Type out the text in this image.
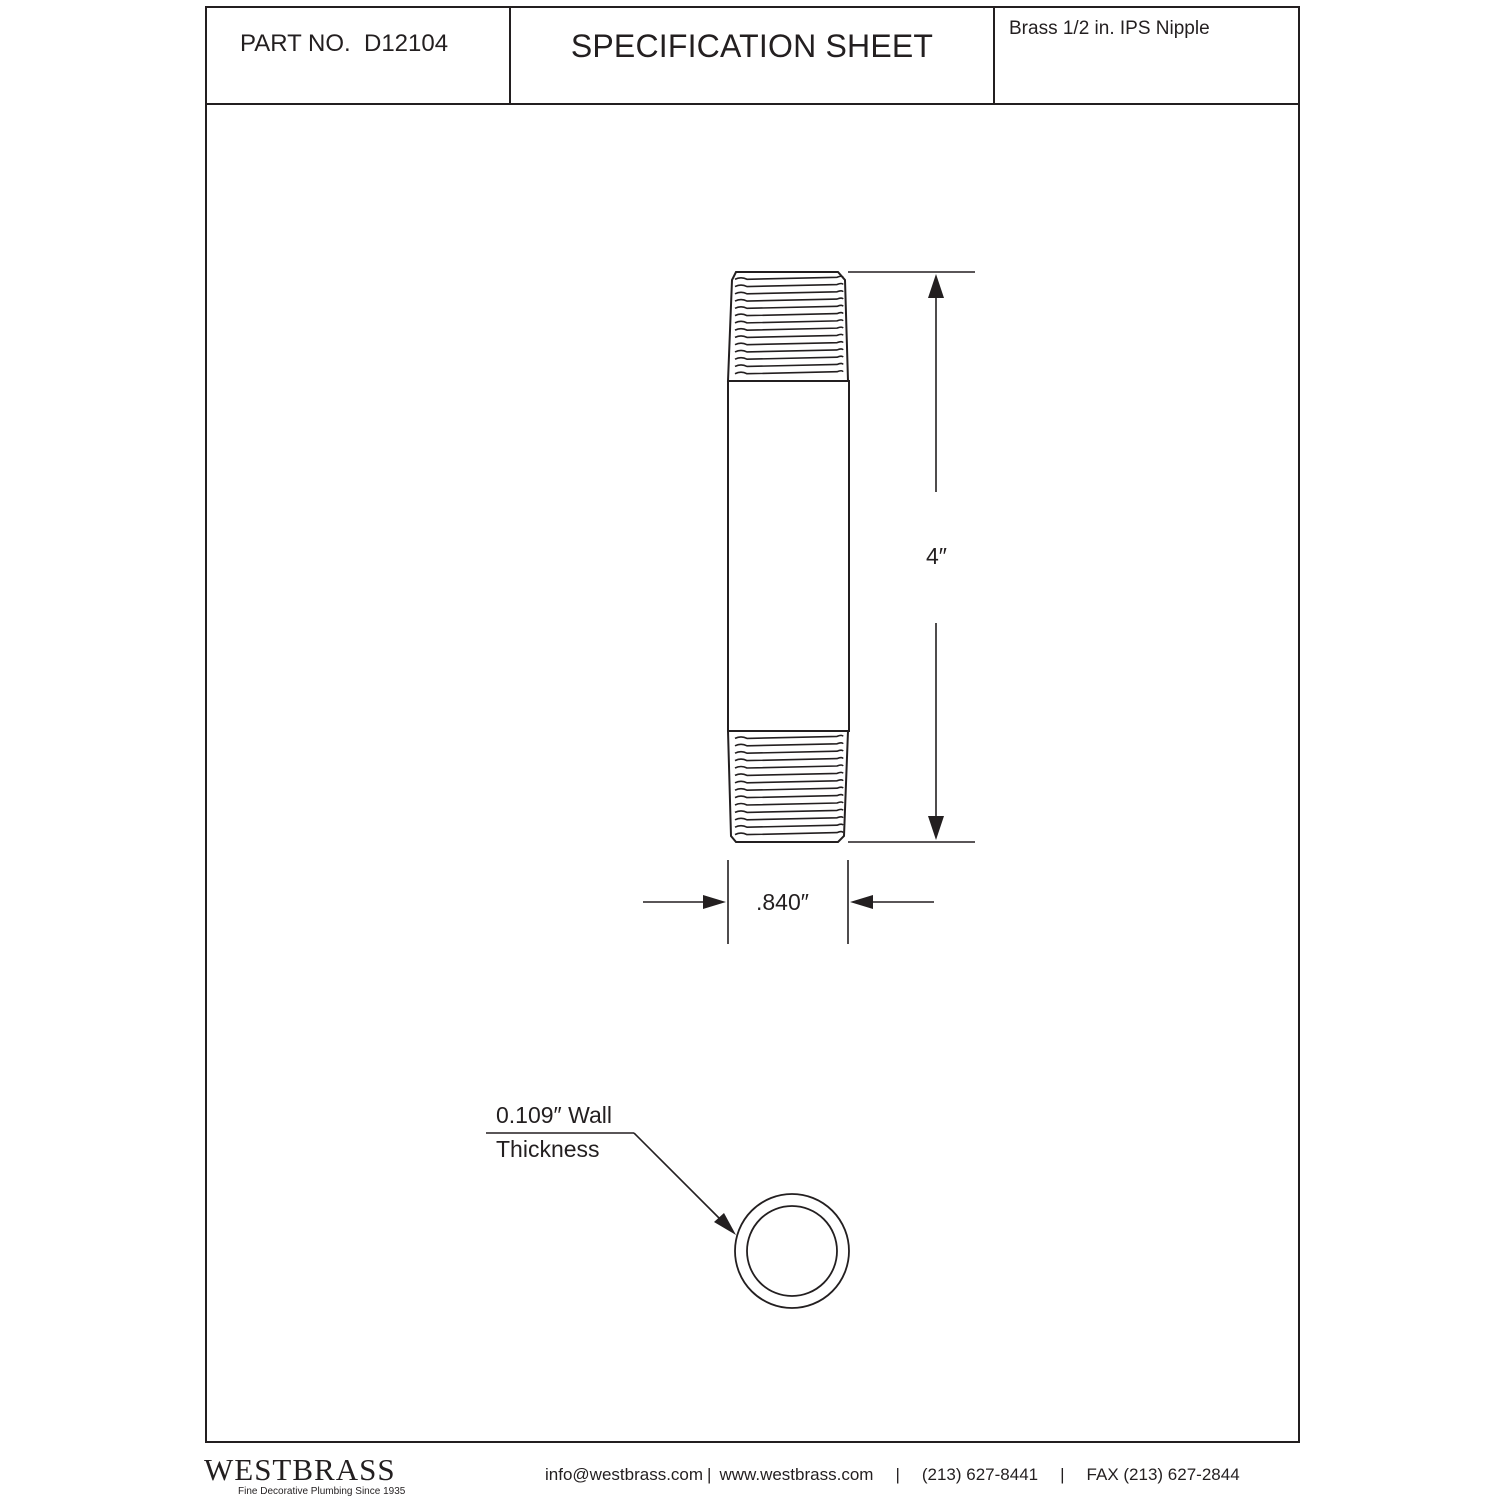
PART NO. D12104	SPECIFICATION SHEET	Brass 1/2 in. IPS Nipple
4″
.840″
0.109″ Wall
Thickness
WESTBRASS
Fine Decorative Plumbing Since 1935
info@westbrass.com | www.westbrass.com | (213) 627-8441 | FAX (213) 627-2844
